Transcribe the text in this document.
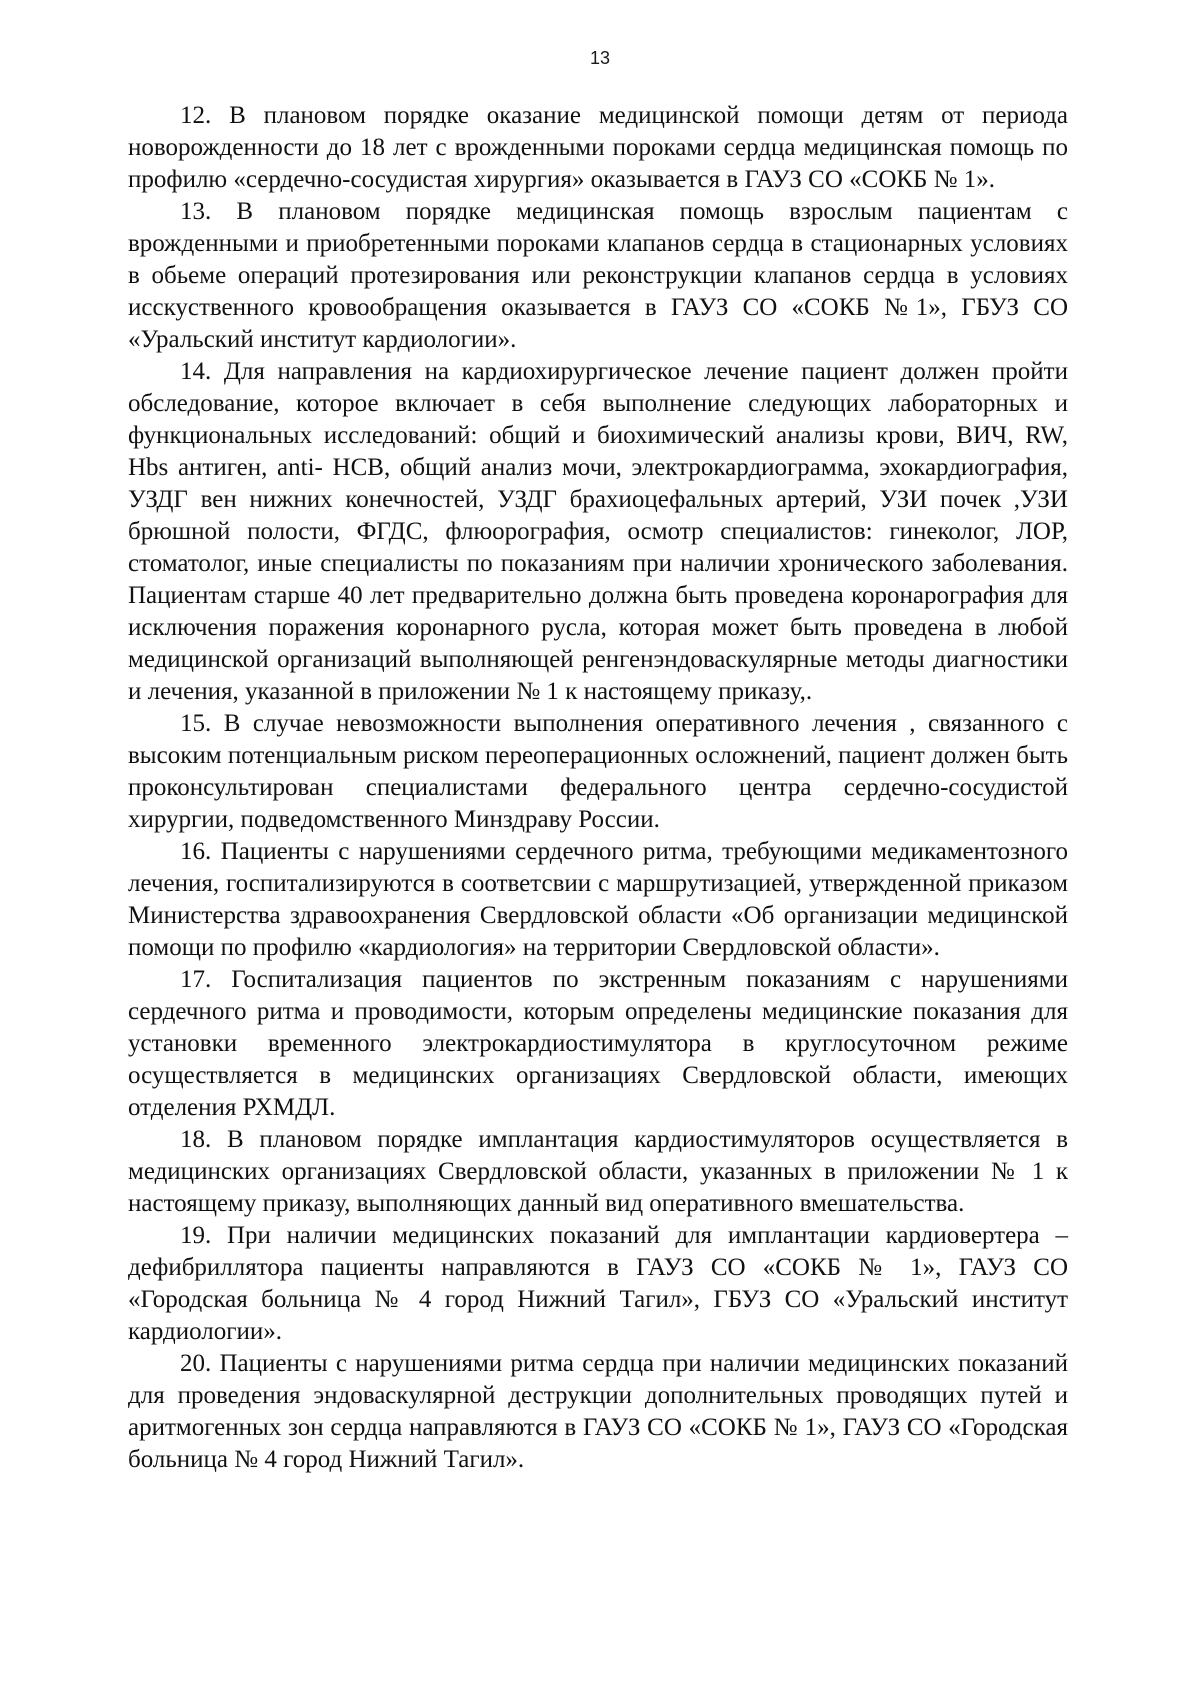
13

12. В плановом порядке оказание медицинской помощи детям от периода новорожденности до 18 лет с врожденными пороками сердца медицинская помощь по профилю «сердечно-сосудистая хирургия» оказывается в ГАУЗ СО «СОКБ № 1».

13. В плановом порядке медицинская помощь взрослым пациентам с врожденными и приобретенными пороками клапанов сердца в стационарных условиях в обьеме операций протезирования или реконструкции клапанов сердца в условиях исскуственного кровообращения оказывается в ГАУЗ СО «СОКБ №1», ГБУЗ СО «Уральский институт кардиологии».

14. Для направления на кардиохирургическое лечение пациент должен пройти обследование, которое включает в себя выполнение следующих лабораторных и функциональных исследований: общий и биохимический анализы крови, ВИЧ, RW, Hbs антиген, anti- HCB, общий анализ мочи, электрокардиограмма, эхокардиография, УЗДГ вен нижних конечностей, УЗДГ брахиоцефальных артерий, УЗИ почек ,УЗИ брюшной полости, ФГДС, флюорография, осмотр специалистов: гинеколог, ЛОР, стоматолог, иные специалисты по показаниям при наличии хронического заболевания. Пациентам старше 40 лет предварительно должна быть проведена коронарография для исключения поражения коронарного русла, которая может быть проведена в любой медицинской организаций выполняющей ренгенэндоваскулярные методы диагностики и лечения, указанной в приложении № 1 к настоящему приказу,.

15. В случае невозможности выполнения оперативного лечения , связанного с высоким потенциальным риском переоперационных осложнений, пациент должен быть проконсультирован специалистами федерального центра сердечно-сосудистой хирургии, подведомственного Минздраву России.

16. Пациенты с нарушениями сердечного ритма, требующими медикаментозного лечения, госпитализируются в соответсвии с маршрутизацией, утвержденной приказом Министерства здравоохранения Свердловской области «Об организации медицинской помощи по профилю «кардиология» на территории Свердловской области».

17. Госпитализация пациентов по экстренным показаниям с нарушениями сердечного ритма и проводимости, которым определены медицинские показания для установки временного электрокардиостимулятора в круглосуточном режиме осуществляется в медицинских организациях Свердловской области, имеющих отделения РХМДЛ.

18. В плановом порядке имплантация кардиостимуляторов осуществляется в медицинских организациях Свердловской области, указанных в приложении № 1 к настоящему приказу, выполняющих данный вид оперативного вмешательства.

19. При наличии медицинских показаний для имплантации кардиовертера – дефибриллятора пациенты направляются в ГАУЗ СО «СОКБ № 1», ГАУЗ СО «Городская больница № 4 город Нижний Тагил», ГБУЗ СО «Уральский институт кардиологии».

20. Пациенты с нарушениями ритма сердца при наличии медицинских показаний для проведения эндоваскулярной деструкции дополнительных проводящих путей и аритмогенных зон сердца направляются в ГАУЗ СО «СОКБ № 1», ГАУЗ СО «Городская больница № 4 город Нижний Тагил».
